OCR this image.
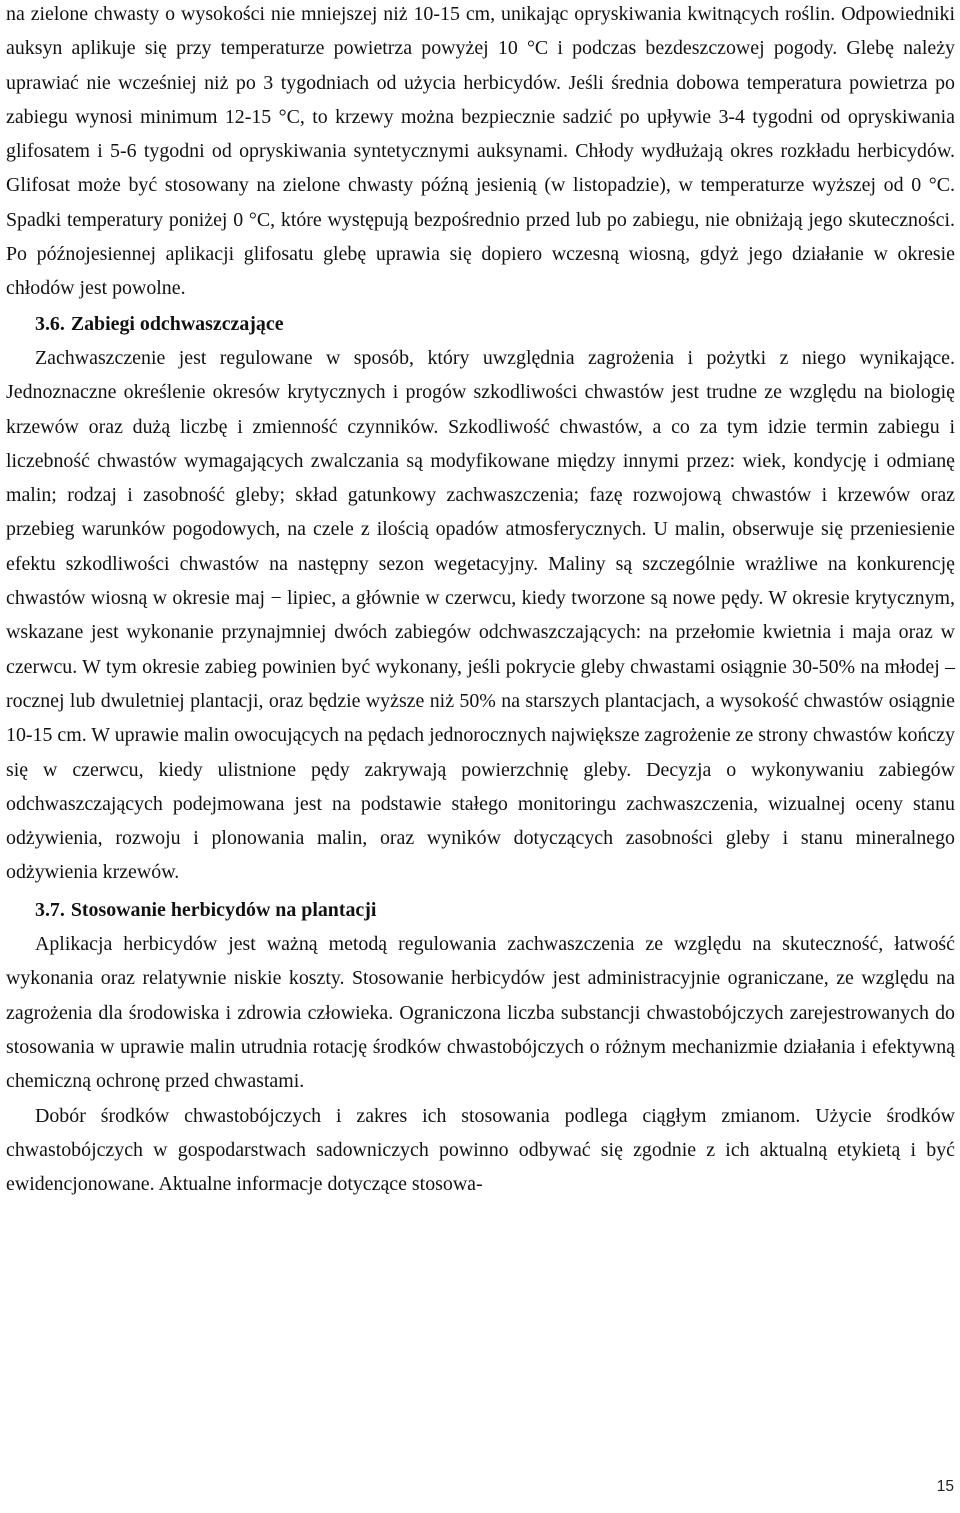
na zielone chwasty o wysokości nie mniejszej niż 10-15 cm, unikając opryskiwania kwitnących roślin. Odpowiedniki auksyn aplikuje się przy temperaturze powietrza powyżej 10 °C i podczas bezdeszczowej pogody. Glebę należy uprawiać nie wcześniej niż po 3 tygodniach od użycia herbicydów. Jeśli średnia dobowa temperatura powietrza po zabiegu wynosi minimum 12-15 °C, to krzewy można bezpiecznie sadzić po upływie 3-4 tygodni od opryskiwania glifosatem i 5-6 tygodni od opryskiwania syntetycznymi auksynami. Chłody wydłużają okres rozkładu herbicydów. Glifosat może być stosowany na zielone chwasty późną jesienią (w listopadzie), w temperaturze wyższej od 0 °C. Spadki temperatury poniżej 0 °C, które występują bezpośrednio przed lub po zabiegu, nie obniżają jego skuteczności. Po późnojesiennej aplikacji glifosatu glebę uprawia się dopiero wczesną wiosną, gdyż jego działanie w okresie chłodów jest powolne.

3.6. Zabiegi odchwaszczające

Zachwaszczenie jest regulowane w sposób, który uwzględnia zagrożenia i pożytki z niego wynikające. Jednoznaczne określenie okresów krytycznych i progów szkodliwości chwastów jest trudne ze względu na biologię krzewów oraz dużą liczbę i zmienność czynników. Szkodliwość chwastów, a co za tym idzie termin zabiegu i liczebność chwastów wymagających zwalczania są modyfikowane między innymi przez: wiek, kondycję i odmianę malin; rodzaj i zasobność gleby; skład gatunkowy zachwaszczenia; fazę rozwojową chwastów i krzewów oraz przebieg warunków pogodowych, na czele z ilością opadów atmosferycznych. U malin, obserwuje się przeniesienie efektu szkodliwości chwastów na następny sezon wegetacyjny. Maliny są szczególnie wrażliwe na konkurencję chwastów wiosną w okresie maj − lipiec, a głównie w czerwcu, kiedy tworzone są nowe pędy. W okresie krytycznym, wskazane jest wykonanie przynajmniej dwóch zabiegów odchwaszczających: na przełomie kwietnia i maja oraz w czerwcu. W tym okresie zabieg powinien być wykonany, jeśli pokrycie gleby chwastami osiągnie 30-50% na młodej – rocznej lub dwuletniej plantacji, oraz będzie wyższe niż 50% na starszych plantacjach, a wysokość chwastów osiągnie 10-15 cm. W uprawie malin owocujących na pędach jednorocznych największe zagrożenie ze strony chwastów kończy się w czerwcu, kiedy ulistnione pędy zakrywają powierzchnię gleby. Decyzja o wykonywaniu zabiegów odchwaszczających podejmowana jest na podstawie stałego monitoringu zachwaszczenia, wizualnej oceny stanu odżywienia, rozwoju i plonowania malin, oraz wyników dotyczących zasobności gleby i stanu mineralnego odżywienia krzewów.

3.7. Stosowanie herbicydów na plantacji

Aplikacja herbicydów jest ważną metodą regulowania zachwaszczenia ze względu na skuteczność, łatwość wykonania oraz relatywnie niskie koszty. Stosowanie herbicydów jest administracyjnie ograniczane, ze względu na zagrożenia dla środowiska i zdrowia człowieka. Ograniczona liczba substancji chwastobójczych zarejestrowanych do stosowania w uprawie malin utrudnia rotację środków chwastobójczych o różnym mechanizmie działania i efektywną chemiczną ochronę przed chwastami.

Dobór środków chwastobójczych i zakres ich stosowania podlega ciągłym zmianom. Użycie środków chwastobójczych w gospodarstwach sadowniczych powinno odbywać się zgodnie z ich aktualną etykietą i być ewidencjonowane. Aktualne informacje dotyczące stosowa-

15
